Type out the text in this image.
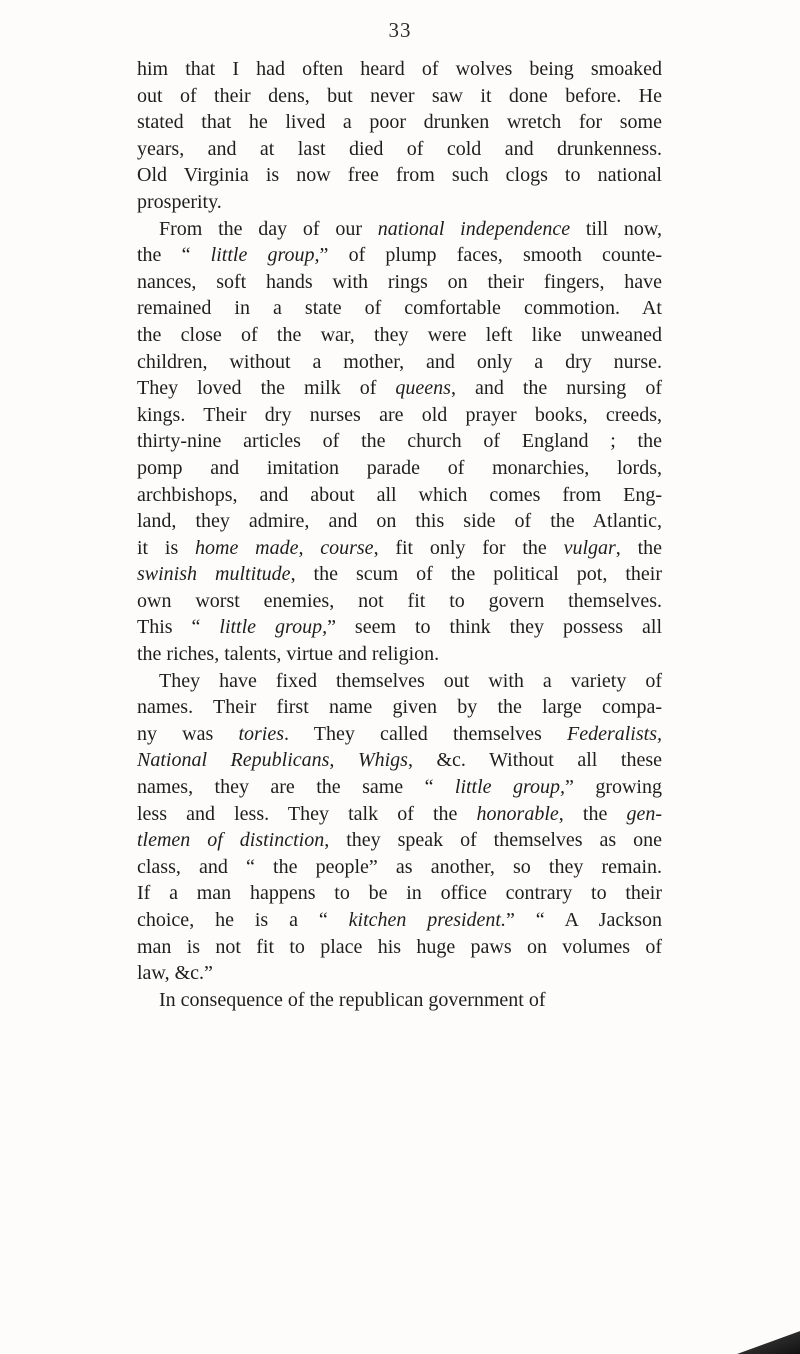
33
him that I had often heard of wolves being smoaked
out of their dens, but never saw it done before. He
stated that he lived a poor drunken wretch for some
years, and at last died of cold and drunkenness.
Old Virginia is now free from such clogs to national
prosperity.
From the day of our national independence till now,
the “ little group,” of plump faces, smooth counte-
nances, soft hands with rings on their fingers, have
remained in a state of comfortable commotion. At
the close of the war, they were left like unweaned
children, without a mother, and only a dry nurse.
They loved the milk of queens, and the nursing of
kings. Their dry nurses are old prayer books, creeds,
thirty-nine articles of the church of England ; the
pomp and imitation parade of monarchies, lords,
archbishops, and about all which comes from Eng-
land, they admire, and on this side of the Atlantic,
it is home made, course, fit only for the vulgar, the
swinish multitude, the scum of the political pot, their
own worst enemies, not fit to govern themselves.
This “ little group,” seem to think they possess all
the riches, talents, virtue and religion.
They have fixed themselves out with a variety of
names. Their first name given by the large compa-
ny was tories. They called themselves Federalists,
National Republicans, Whigs, &c. Without all these
names, they are the same “ little group,” growing
less and less. They talk of the honorable, the gen-
tlemen of distinction, they speak of themselves as one
class, and “ the people” as another, so they remain.
If a man happens to be in office contrary to their
choice, he is a “ kitchen president.” “ A Jackson
man is not fit to place his huge paws on volumes of
law, &c.”
In consequence of the republican government of
